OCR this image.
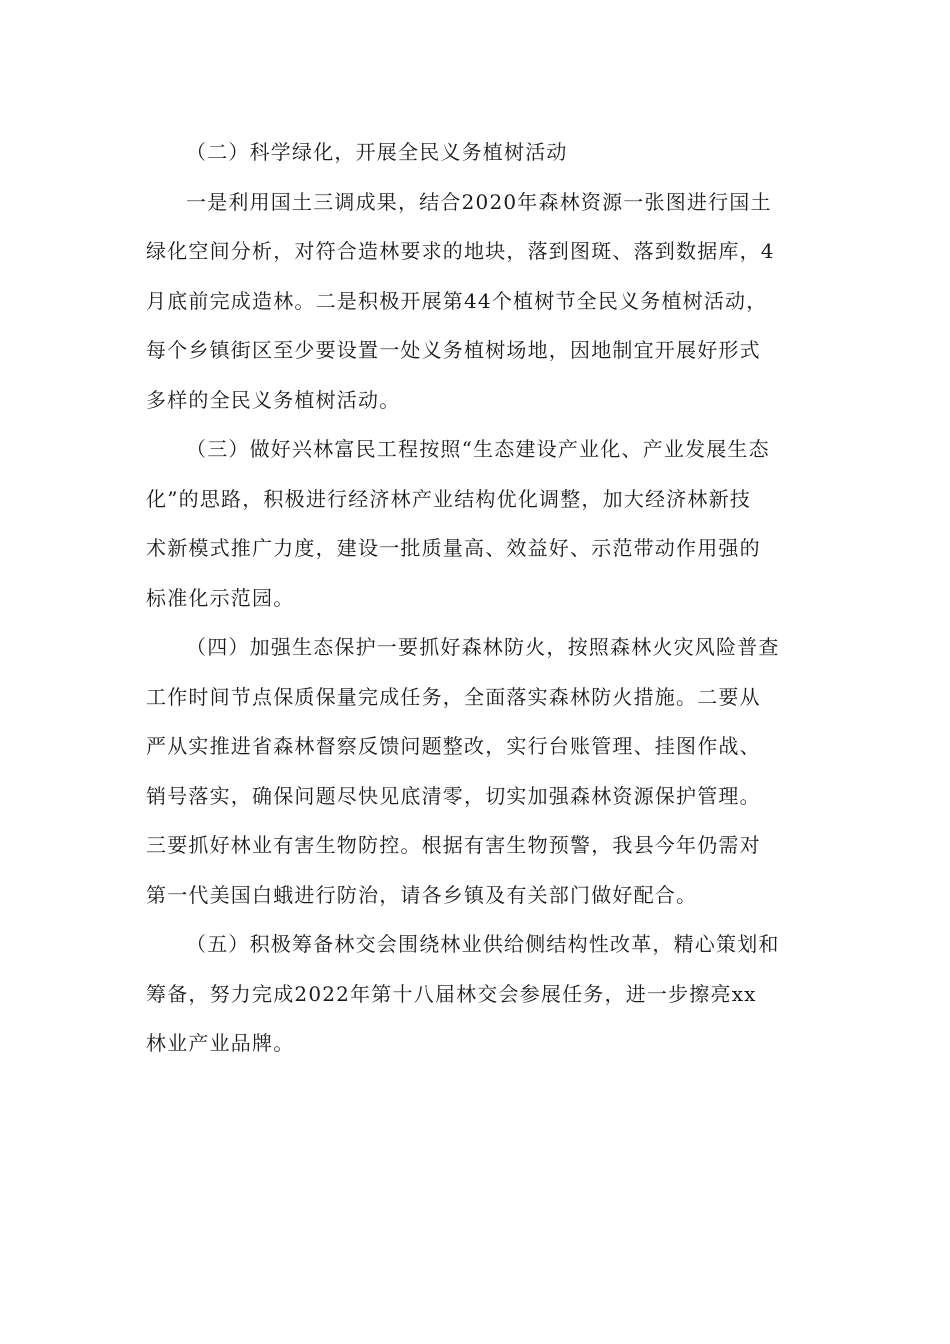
（二）科学绿化，开展全民义务植树活动
一是利用国土三调成果，结合2020年森林资源一张图进行国土
绿化空间分析，对符合造林要求的地块，落到图斑、落到数据库，4
月底前完成造林。二是积极开展第44个植树节全民义务植树活动，
每个乡镇街区至少要设置一处义务植树场地，因地制宜开展好形式
多样的全民义务植树活动。
（三）做好兴林富民工程按照“生态建设产业化、产业发展生态
化”的思路，积极进行经济林产业结构优化调整，加大经济林新技
术新模式推广力度，建设一批质量高、效益好、示范带动作用强的
标准化示范园。
（四）加强生态保护一要抓好森林防火，按照森林火灾风险普查
工作时间节点保质保量完成任务，全面落实森林防火措施。二要从
严从实推进省森林督察反馈问题整改，实行台账管理、挂图作战、
销号落实，确保问题尽快见底清零，切实加强森林资源保护管理。
三要抓好林业有害生物防控。根据有害生物预警，我县今年仍需对
第一代美国白蛾进行防治，请各乡镇及有关部门做好配合。
（五）积极筹备林交会围绕林业供给侧结构性改革，精心策划和
筹备，努力完成2022年第十八届林交会参展任务，进一步擦亮xx
林业产业品牌。
